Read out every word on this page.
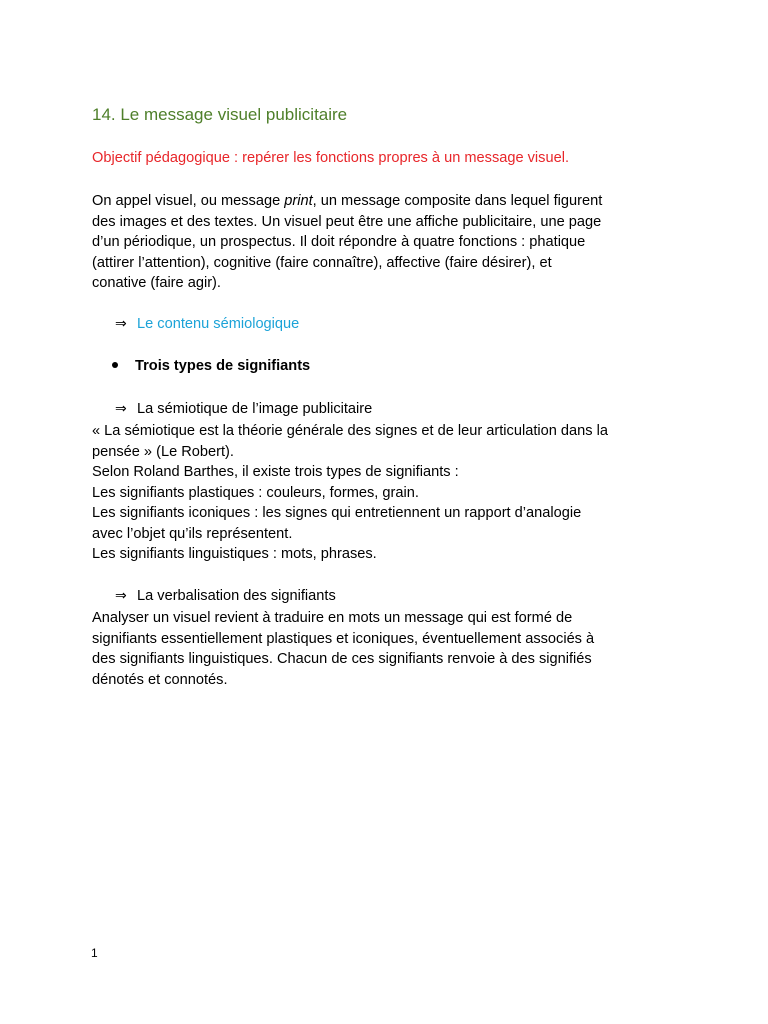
14. Le message visuel publicitaire
Objectif pédagogique : repérer les fonctions propres à un message visuel.
On appel visuel, ou message print, un message composite dans lequel figurent
des images et des textes. Un visuel peut être une affiche publicitaire, une page
d’un périodique, un prospectus. Il doit répondre à quatre fonctions : phatique
(attirer l’attention), cognitive (faire connaître), affective (faire désirer), et
conative (faire agir).
⇒ Le contenu sémiologique
Trois types de signifiants
⇒ La sémiotique de l’image publicitaire
« La sémiotique est la théorie générale des signes et de leur articulation dans la
pensée » (Le Robert).
Selon Roland Barthes, il existe trois types de signifiants :
Les signifiants plastiques : couleurs, formes, grain.
Les signifiants iconiques : les signes qui entretiennent un rapport d’analogie
avec l’objet qu’ils représentent.
Les signifiants linguistiques : mots, phrases.
⇒ La verbalisation des signifiants
Analyser un visuel revient à traduire en mots un message qui est formé de
signifiants essentiellement plastiques et iconiques, éventuellement associés à
des signifiants linguistiques. Chacun de ces signifiants renvoie à des signifiés
dénotés et connotés.
1
